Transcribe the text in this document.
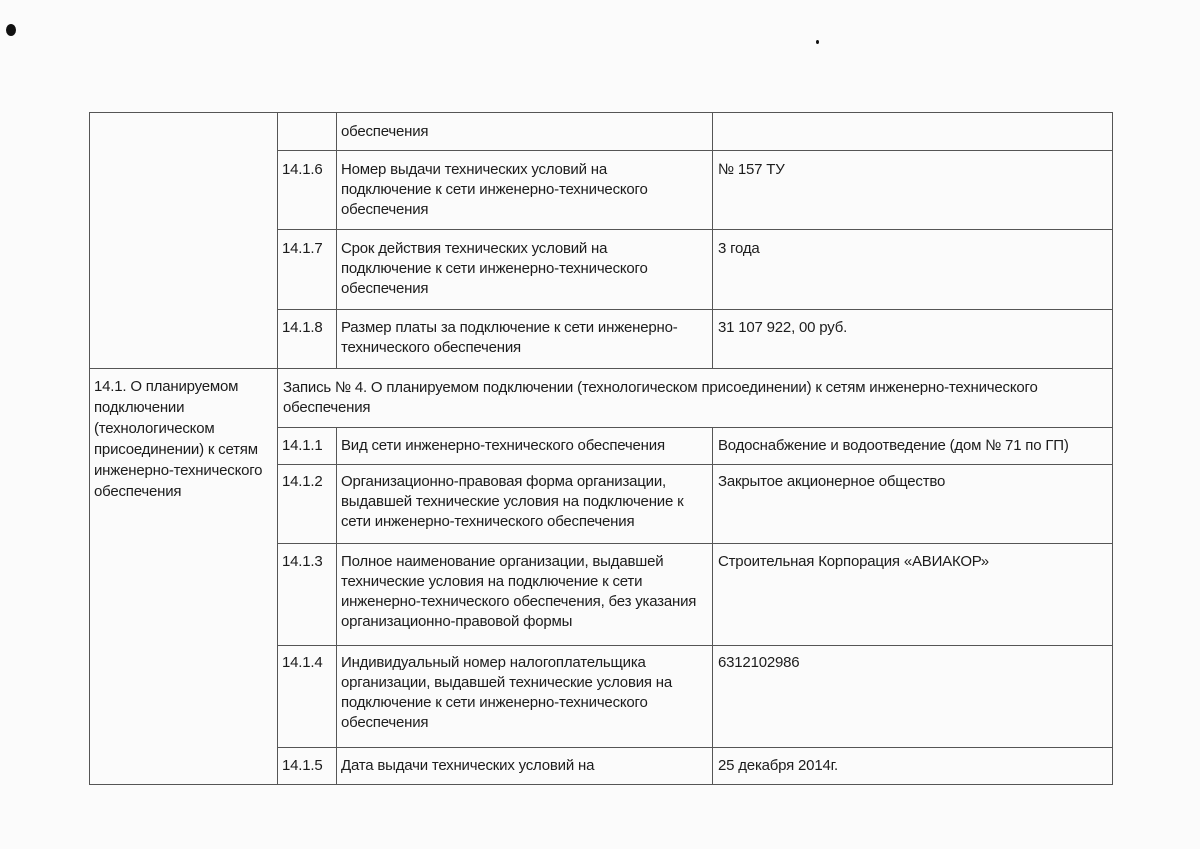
обеспечения
14.1.6 Номер выдачи технических условий на подключение к сети инженерно-технического обеспечения
№ 157 ТУ
14.1.7 Срок действия технических условий на подключение к сети инженерно-технического обеспечения
3 года
14.1.8 Размер платы за подключение к сети инженерно-технического обеспечения
31 107 922, 00 руб.
14.1. О планируемом подключении (технологическом присоединении) к сетям инженерно-технического обеспечения
Запись № 4. О планируемом подключении (технологическом присоединении) к сетям инженерно-технического обеспечения
14.1.1 Вид сети инженерно-технического обеспечения	Водоснабжение и водоотведение (дом № 71 по ГП)
14.1.2 Организационно-правовая форма организации, выдавшей технические условия на подключение к сети инженерно-технического обеспечения
Закрытое акционерное общество
14.1.3 Полное наименование организации, выдавшей технические условия на подключение к сети инженерно-технического обеспечения, без указания организационно-правовой формы
Строительная Корпорация «АВИАКОР»
14.1.4 Индивидуальный номер налогоплательщика организации, выдавшей технические условия на подключение к сети инженерно-технического обеспечения
6312102986
14.1.5 Дата выдачи технических условий на	25 декабря 2014г.
